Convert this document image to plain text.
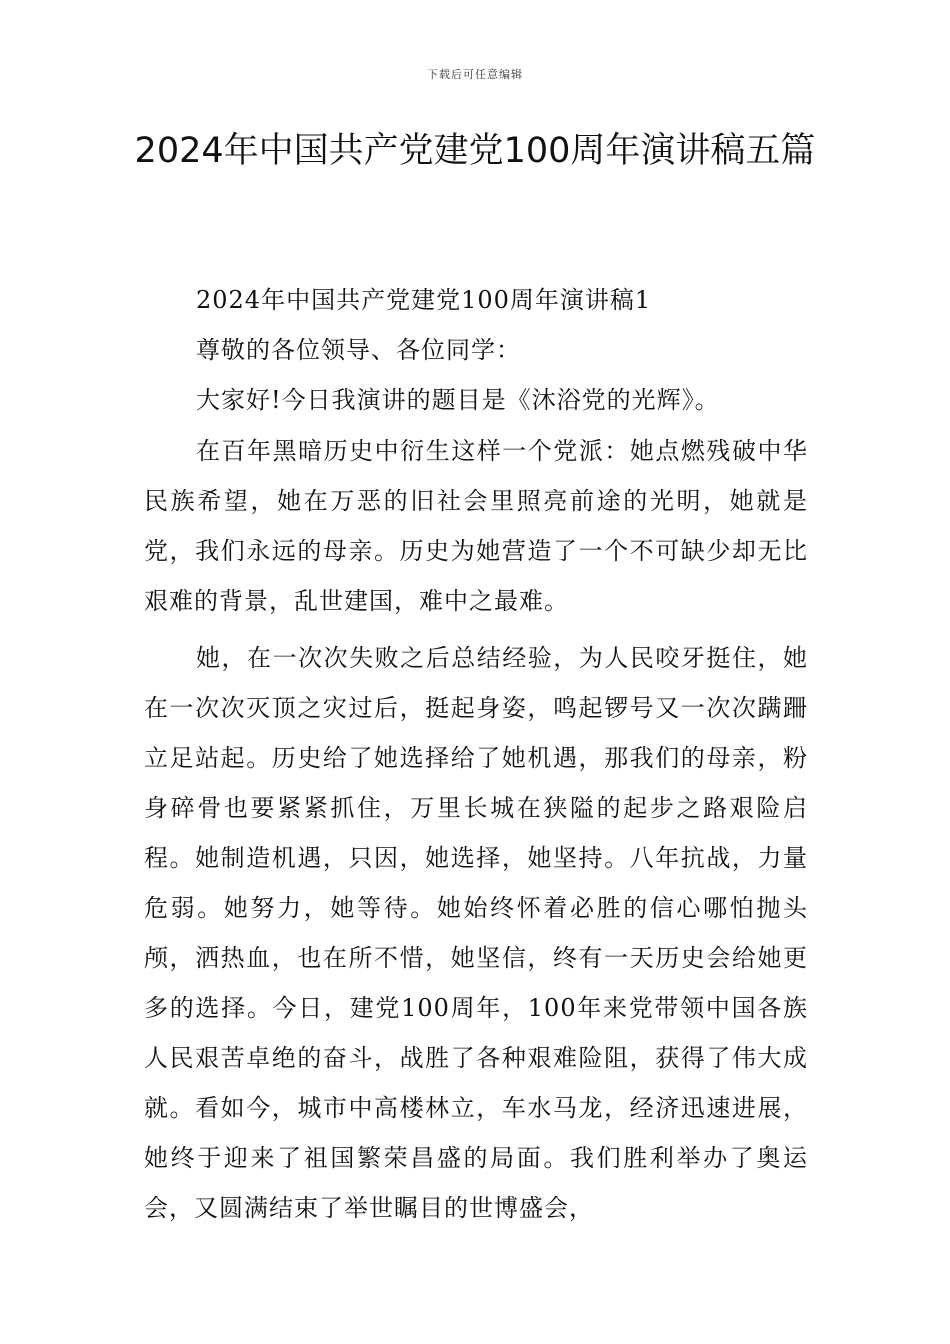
下载后可任意编辑
2024年中国共产党建党100周年演讲稿五篇

2024年中国共产党建党100周年演讲稿1

尊敬的各位领导、各位同学：

大家好!今日我演讲的题目是《沐浴党的光辉》。

在百年黑暗历史中衍生这样一个党派：她点燃残破中华民族希望，她在万恶的旧社会里照亮前途的光明，她就是党，我们永远的母亲。历史为她营造了一个不可缺少却无比艰难的背景，乱世建国，难中之最难。

她，在一次次失败之后总结经验，为人民咬牙挺住，她在一次次灭顶之灾过后，挺起身姿，鸣起锣号又一次次蹒跚立足站起。历史给了她选择给了她机遇，那我们的母亲，粉身碎骨也要紧紧抓住，万里长城在狭隘的起步之路艰险启程。她制造机遇，只因，她选择，她坚持。八年抗战，力量危弱。她努力，她等待。她始终怀着必胜的信心哪怕抛头颅，洒热血，也在所不惜，她坚信，终有一天历史会给她更多的选择。今日，建党100周年，100年来党带领中国各族人民艰苦卓绝的奋斗，战胜了各种艰难险阻，获得了伟大成就。看如今，城市中高楼林立，车水马龙，经济迅速进展，她终于迎来了祖国繁荣昌盛的局面。我们胜利举办了奥运会，又圆满结束了举世瞩目的世博盛会，
